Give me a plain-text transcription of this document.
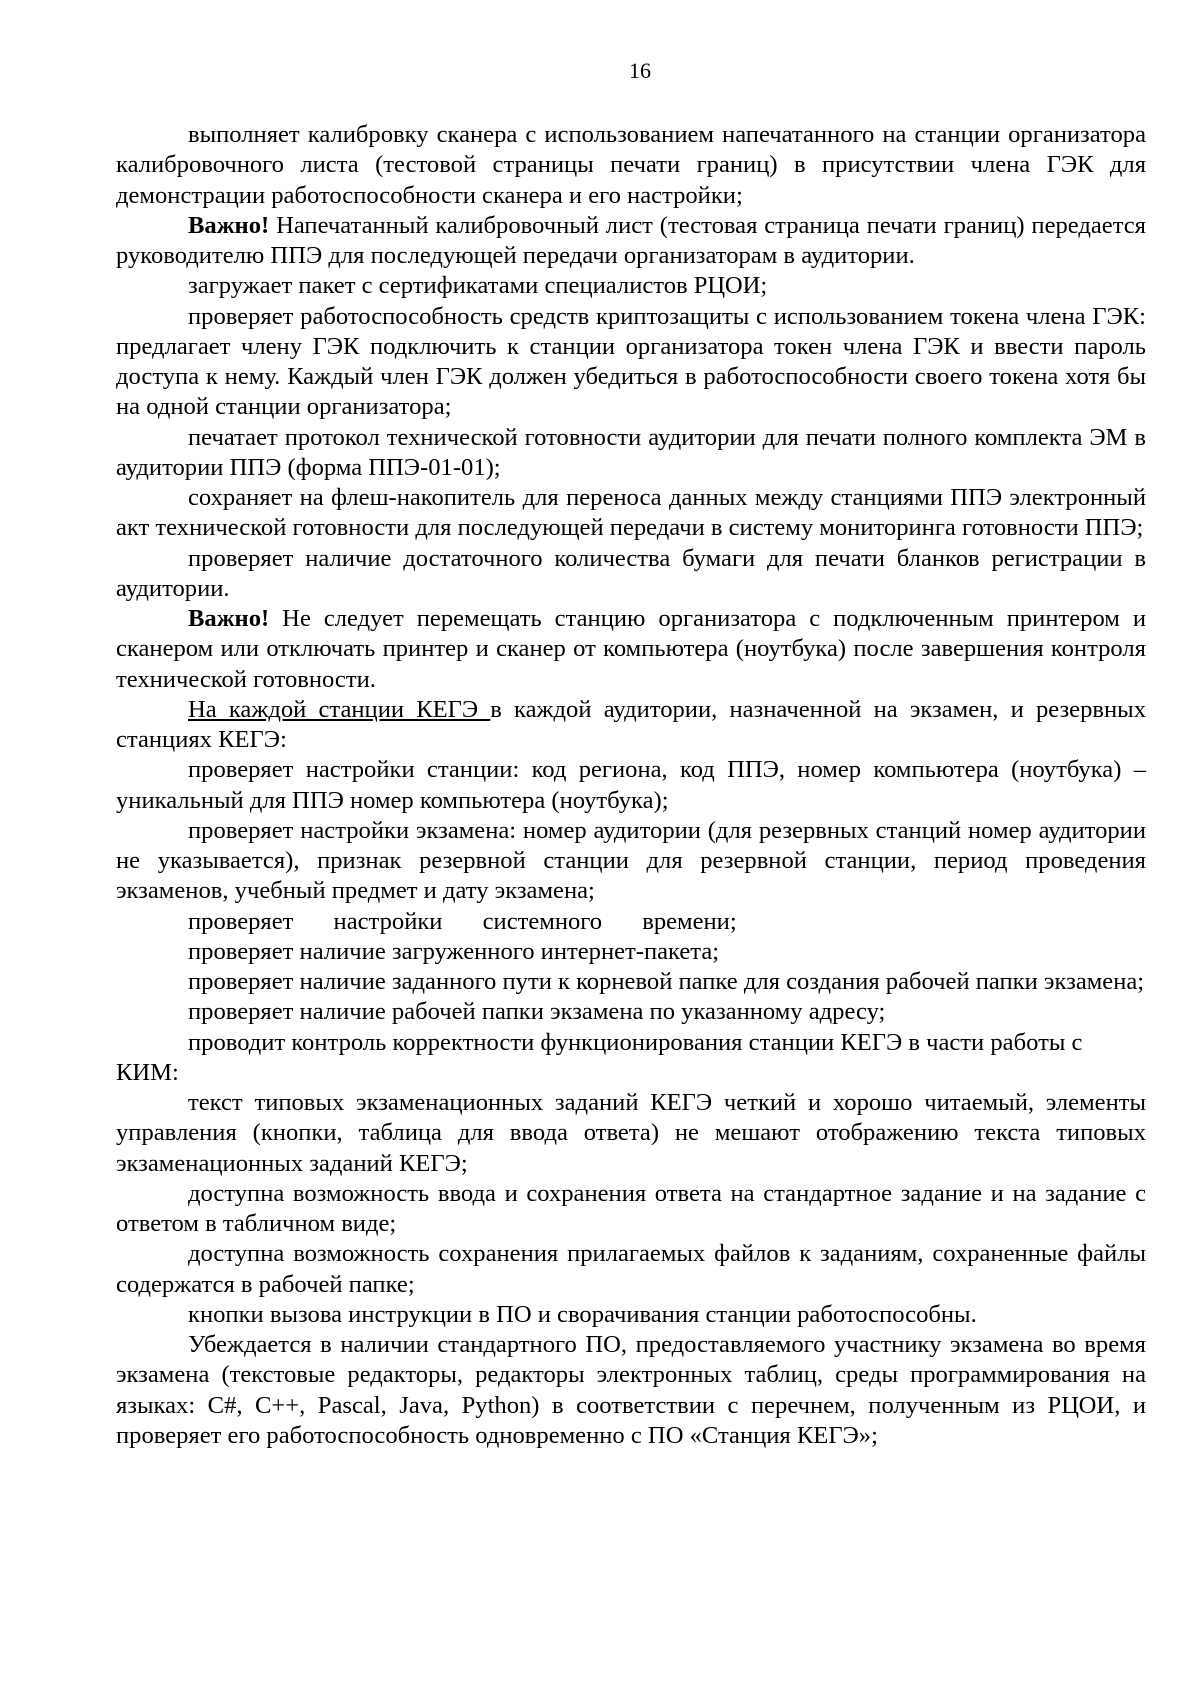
16

выполняет калибровку сканера с использованием напечатанного на станции организатора калибровочного листа (тестовой страницы печати границ) в присутствии члена ГЭК для демонстрации работоспособности сканера и его настройки;

Важно! Напечатанный калибровочный лист (тестовая страница печати границ) передается руководителю ППЭ для последующей передачи организаторам в аудитории.

загружает пакет с сертификатами специалистов РЦОИ;

проверяет работоспособность средств криптозащиты с использованием токена члена ГЭК: предлагает члену ГЭК подключить к станции организатора токен члена ГЭК и ввести пароль доступа к нему. Каждый член ГЭК должен убедиться в работоспособности своего токена хотя бы на одной станции организатора;

печатает протокол технической готовности аудитории для печати полного комплекта ЭМ в аудитории ППЭ (форма ППЭ-01-01);

сохраняет на флеш-накопитель для переноса данных между станциями ППЭ электронный акт технической готовности для последующей передачи в систему мониторинга готовности ППЭ;

проверяет наличие достаточного количества бумаги для печати бланков регистрации в аудитории.

Важно! Не следует перемещать станцию организатора с подключенным принтером и сканером или отключать принтер и сканер от компьютера (ноутбука) после завершения контроля технической готовности.

На каждой станции КЕГЭ в каждой аудитории, назначенной на экзамен, и резервных станциях КЕГЭ:

проверяет настройки станции: код региона, код ППЭ, номер компьютера (ноутбука) – уникальный для ППЭ номер компьютера (ноутбука);

проверяет настройки экзамена: номер аудитории (для резервных станций номер аудитории не указывается), признак резервной станции для резервной станции, период проведения экзаменов, учебный предмет и дату экзамена;

проверяет настройки системного времени;

проверяет наличие загруженного интернет-пакета;

проверяет наличие заданного пути к корневой папке для создания рабочей папки экзамена;

проверяет наличие рабочей папки экзамена по указанному адресу;

проводит контроль корректности функционирования станции КЕГЭ в части работы с КИМ:

текст типовых экзаменационных заданий КЕГЭ четкий и хорошо читаемый, элементы управления (кнопки, таблица для ввода ответа) не мешают отображению текста типовых экзаменационных заданий КЕГЭ;

доступна возможность ввода и сохранения ответа на стандартное задание и на задание с ответом в табличном виде;

доступна возможность сохранения прилагаемых файлов к заданиям, сохраненные файлы содержатся в рабочей папке;

кнопки вызова инструкции в ПО и сворачивания станции работоспособны.

Убеждается в наличии стандартного ПО, предоставляемого участнику экзамена во время экзамена (текстовые редакторы, редакторы электронных таблиц, среды программирования на языках: C#, C++, Pascal, Java, Python) в соответствии с перечнем, полученным из РЦОИ, и проверяет его работоспособность одновременно с ПО «Станция КЕГЭ»;
